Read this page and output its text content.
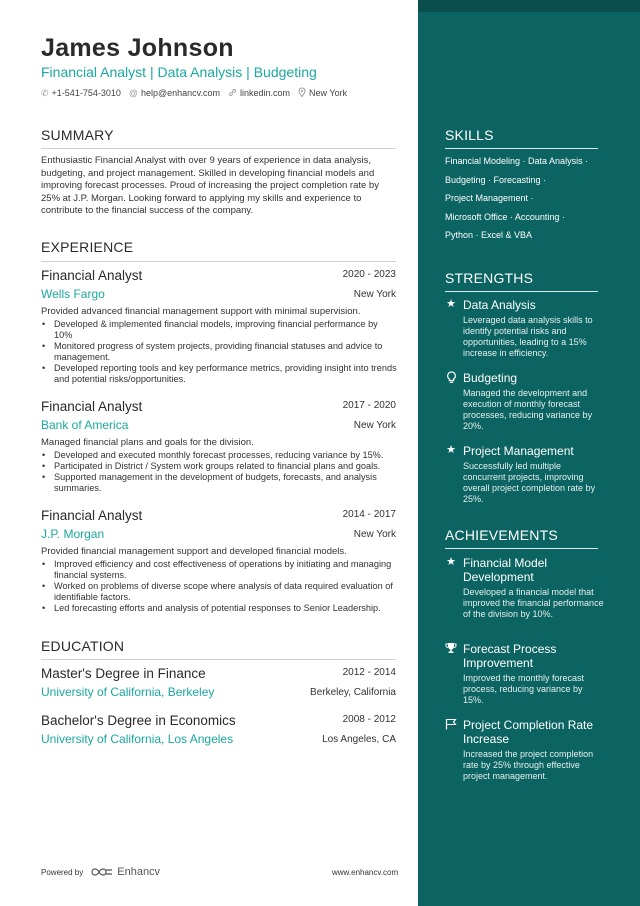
James Johnson
Financial Analyst | Data Analysis | Budgeting
✆ +1-541-754-3010 @ help@enhancv.com linkedin.com New York
SUMMARY
Enthusiastic Financial Analyst with over 9 years of experience in data analysis, budgeting, and project management. Skilled in developing financial models and improving forecast processes. Proud of increasing the project completion rate by 25% at J.P. Morgan. Looking forward to applying my skills and experience to contribute to the financial success of the company.
EXPERIENCE
Financial Analyst	2020 - 2023
Wells Fargo	New York
Provided advanced financial management support with minimal supervision.
• Developed & implemented financial models, improving financial performance by 10%
• Monitored progress of system projects, providing financial statuses and advice to management.
• Developed reporting tools and key performance metrics, providing insight into trends and potential risks/opportunities.
Financial Analyst	2017 - 2020
Bank of America	New York
Managed financial plans and goals for the division.
• Developed and executed monthly forecast processes, reducing variance by 15%.
• Participated in District / System work groups related to financial plans and goals.
• Supported management in the development of budgets, forecasts, and analysis summaries.
Financial Analyst	2014 - 2017
J.P. Morgan	New York
Provided financial management support and developed financial models.
• Improved efficiency and cost effectiveness of operations by initiating and managing financial systems.
• Worked on problems of diverse scope where analysis of data required evaluation of identifiable factors.
• Led forecasting efforts and analysis of potential responses to Senior Leadership.
EDUCATION
Master's Degree in Finance	2012 - 2014
University of California, Berkeley	Berkeley, California
Bachelor's Degree in Economics	2008 - 2012
University of California, Los Angeles	Los Angeles, CA
SKILLS
Financial Modeling · Data Analysis ·
Budgeting · Forecasting ·
Project Management ·
Microsoft Office · Accounting ·
Python · Excel & VBA
STRENGTHS
★ Data Analysis
Leveraged data analysis skills to identify potential risks and opportunities, leading to a 15% increase in efficiency.
Budgeting
Managed the development and execution of monthly forecast processes, reducing variance by 20%.
★ Project Management
Successfully led multiple concurrent projects, improving overall project completion rate by 25%.
ACHIEVEMENTS
★ Financial Model Development
Developed a financial model that improved the financial performance of the division by 10%.
Forecast Process Improvement
Improved the monthly forecast process, reducing variance by 15%.
Project Completion Rate Increase
Increased the project completion rate by 25% through effective project management.
Powered by	Enhancv	www.enhancv.com
